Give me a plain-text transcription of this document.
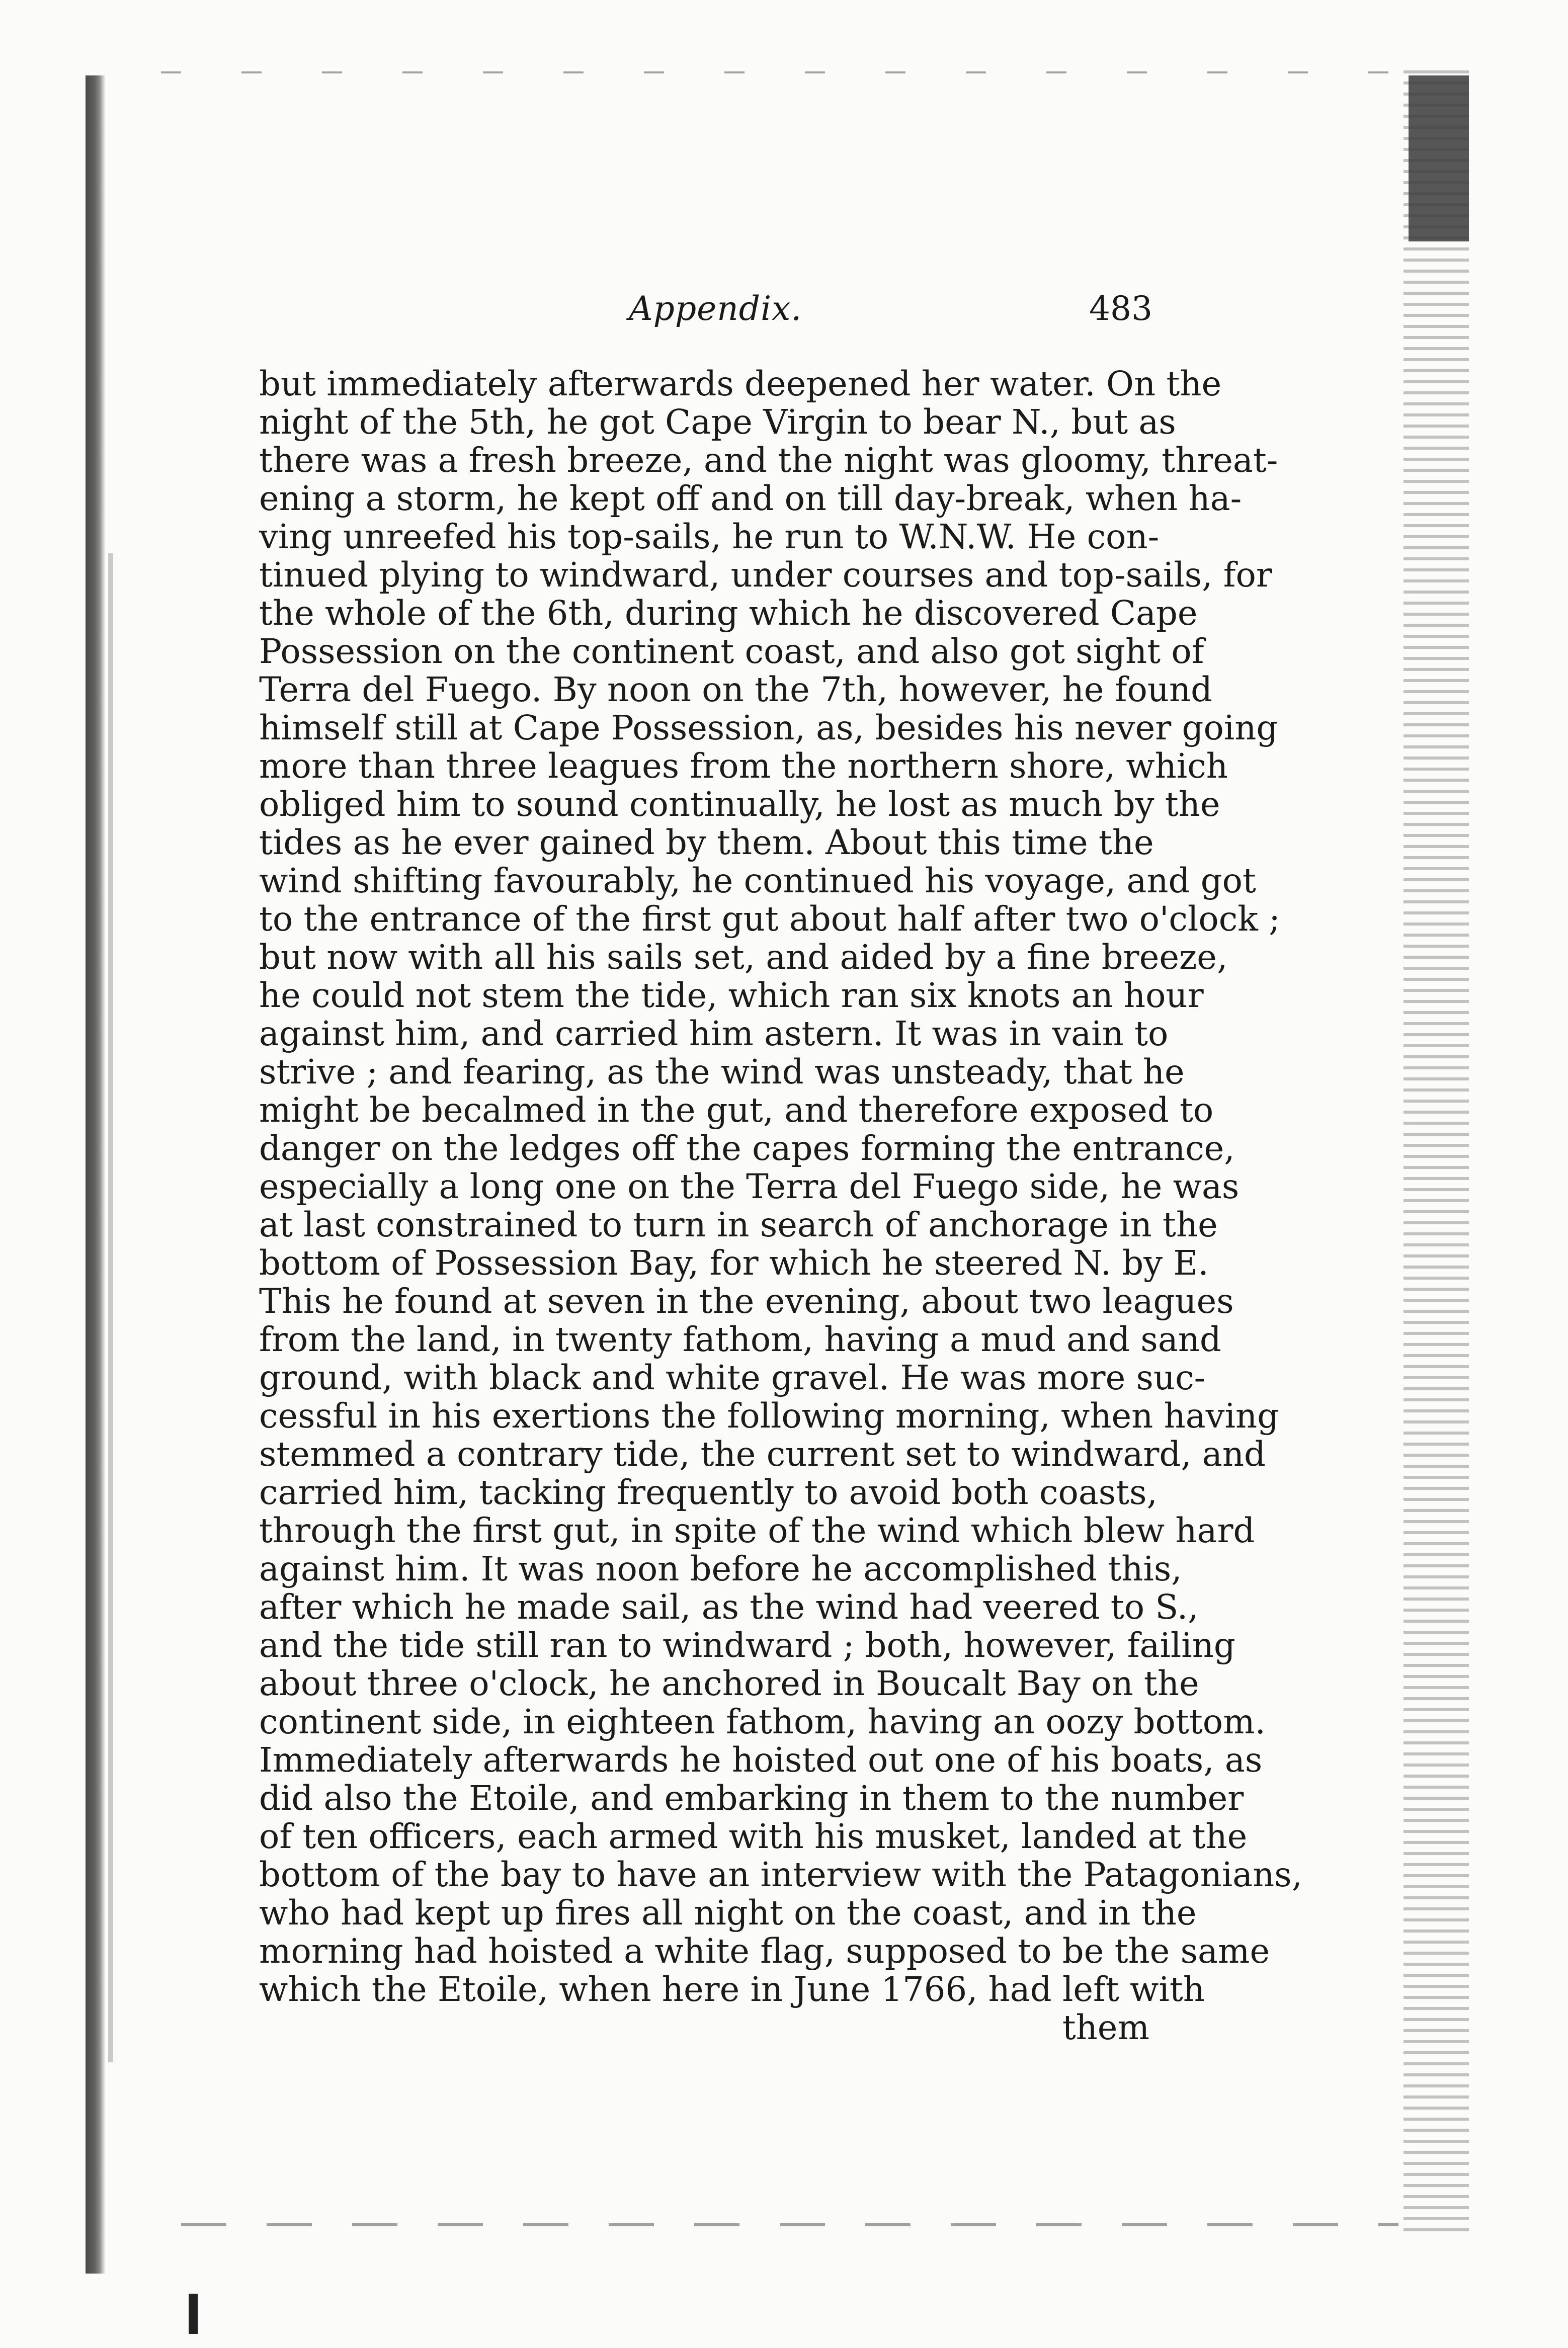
Appendix.	483
but immediately afterwards deepened her water. On the
night of the 5th, he got Cape Virgin to bear N., but as
there was a fresh breeze, and the night was gloomy, threat-
ening a storm, he kept off and on till day-break, when ha-
ving unreefed his top-sails, he run to W.N.W. He con-
tinued plying to windward, under courses and top-sails, for
the whole of the 6th, during which he discovered Cape
Possession on the continent coast, and also got sight of
Terra del Fuego. By noon on the 7th, however, he found
himself still at Cape Possession, as, besides his never going
more than three leagues from the northern shore, which
obliged him to sound continually, he lost as much by the
tides as he ever gained by them. About this time the
wind shifting favourably, he continued his voyage, and got
to the entrance of the first gut about half after two o'clock ;
but now with all his sails set, and aided by a fine breeze,
he could not stem the tide, which ran six knots an hour
against him, and carried him astern. It was in vain to
strive ; and fearing, as the wind was unsteady, that he
might be becalmed in the gut, and therefore exposed to
danger on the ledges off the capes forming the entrance,
especially a long one on the Terra del Fuego side, he was
at last constrained to turn in search of anchorage in the
bottom of Possession Bay, for which he steered N. by E.
This he found at seven in the evening, about two leagues
from the land, in twenty fathom, having a mud and sand
ground, with black and white gravel. He was more suc-
cessful in his exertions the following morning, when having
stemmed a contrary tide, the current set to windward, and
carried him, tacking frequently to avoid both coasts,
through the first gut, in spite of the wind which blew hard
against him. It was noon before he accomplished this,
after which he made sail, as the wind had veered to S.,
and the tide still ran to windward ; both, however, failing
about three o'clock, he anchored in Boucalt Bay on the
continent side, in eighteen fathom, having an oozy bottom.
Immediately afterwards he hoisted out one of his boats, as
did also the Etoile, and embarking in them to the number
of ten officers, each armed with his musket, landed at the
bottom of the bay to have an interview with the Patagonians,
who had kept up fires all night on the coast, and in the
morning had hoisted a white flag, supposed to be the same
which the Etoile, when here in June 1766, had left with
them
